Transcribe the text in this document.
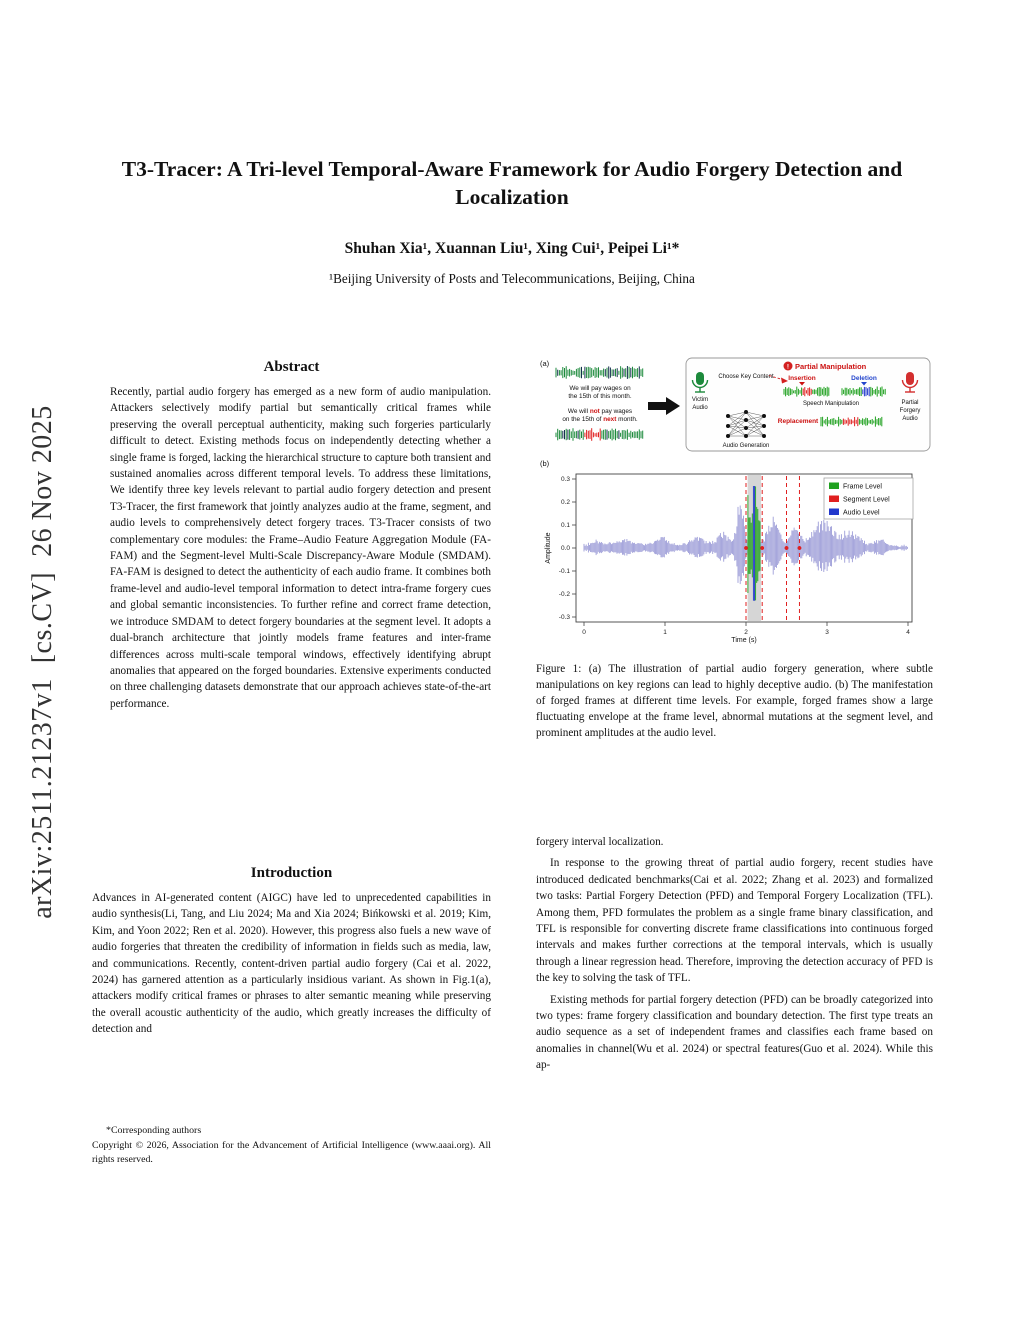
arXiv:2511.21237v1  [cs.CV]  26 Nov 2025
T3-Tracer: A Tri-level Temporal-Aware Framework for Audio Forgery Detection and Localization
Shuhan Xia¹, Xuannan Liu¹, Xing Cui¹, Peipei Li¹*
¹Beijing University of Posts and Telecommunications, Beijing, China
Abstract

Recently, partial audio forgery has emerged as a new form of audio manipulation. Attackers selectively modify partial but semantically critical frames while preserving the overall perceptual authenticity, making such forgeries particularly difficult to detect. Existing methods focus on independently detecting whether a single frame is forged, lacking the hierarchical structure to capture both transient and sustained anomalies across different temporal levels. To address these limitations, We identify three key levels relevant to partial audio forgery detection and present T3-Tracer, the first framework that jointly analyzes audio at the frame, segment, and audio levels to comprehensively detect forgery traces. T3-Tracer consists of two complementary core modules: the Frame–Audio Feature Aggregation Module (FA-FAM) and the Segment-level Multi-Scale Discrepancy-Aware Module (SMDAM). FA-FAM is designed to detect the authenticity of each audio frame. It combines both frame-level and audio-level temporal information to detect intra-frame forgery cues and global semantic inconsistencies. To further refine and correct frame detection, we introduce SMDAM to detect forgery boundaries at the segment level. It adopts a dual-branch architecture that jointly models frame features and inter-frame differences across multi-scale temporal windows, effectively identifying abrupt anomalies that appeared on the forged boundaries. Extensive experiments conducted on three challenging datasets demonstrate that our approach achieves state-of-the-art performance.

Introduction

Advances in AI-generated content (AIGC) have led to unprecedented capabilities in audio synthesis(Li, Tang, and Liu 2024; Ma and Xia 2024; Bińkowski et al. 2019; Kim, Kim, and Yoon 2022; Ren et al. 2020). However, this progress also fuels a new wave of audio forgeries that threaten the credibility of information in fields such as media, law, and communications. Recently, content-driven partial audio forgery (Cai et al. 2022, 2024) has garnered attention as a particularly insidious variant. As shown in Fig.1(a), attackers modify critical frames or phrases to alter semantic meaning while preserving the overall acoustic authenticity of the audio, which greatly increases the difficulty of detection and

*Corresponding authors

Copyright © 2026, Association for the Advancement of Artificial Intelligence (www.aaai.org). All rights reserved.

(a)
We will pay wages on
the 15th of this month.
We will not pay wages
on the 15th of next month.
! Partial Manipulation
Victim
Audio
Choose Key Content
Audio Generation
Insertion	Deletion
Speech Manipulation
Replacement
Partial
Forgery
Audio
(b)
Frame Level
Segment Level
Audio Level
0.3
0.2
0.1
0.0
-0.1
-0.2
-0.3
0	1	2	3	4
Time (s)
Amplitude
Figure 1: (a) The illustration of partial audio forgery generation, where subtle manipulations on key regions can lead to highly deceptive audio. (b) The manifestation of forged frames at different time levels. For example, forged frames show a large fluctuating envelope at the frame level, abnormal mutations at the segment level, and prominent amplitudes at the audio level.

forgery interval localization.

In response to the growing threat of partial audio forgery, recent studies have introduced dedicated benchmarks(Cai et al. 2022; Zhang et al. 2023) and formalized two tasks: Partial Forgery Detection (PFD) and Temporal Forgery Localization (TFL). Among them, PFD formulates the problem as a single frame binary classification, and TFL is responsible for converting discrete frame classifications into continuous forged intervals and makes further corrections at the temporal intervals, which is usually through a linear regression head. Therefore, improving the detection accuracy of PFD is the key to solving the task of TFL.

Existing methods for partial forgery detection (PFD) can be broadly categorized into two types: frame forgery classification and boundary detection. The first type treats an audio sequence as a set of independent frames and classifies each frame based on anomalies in channel(Wu et al. 2024) or spectral features(Guo et al. 2024). While this ap-
